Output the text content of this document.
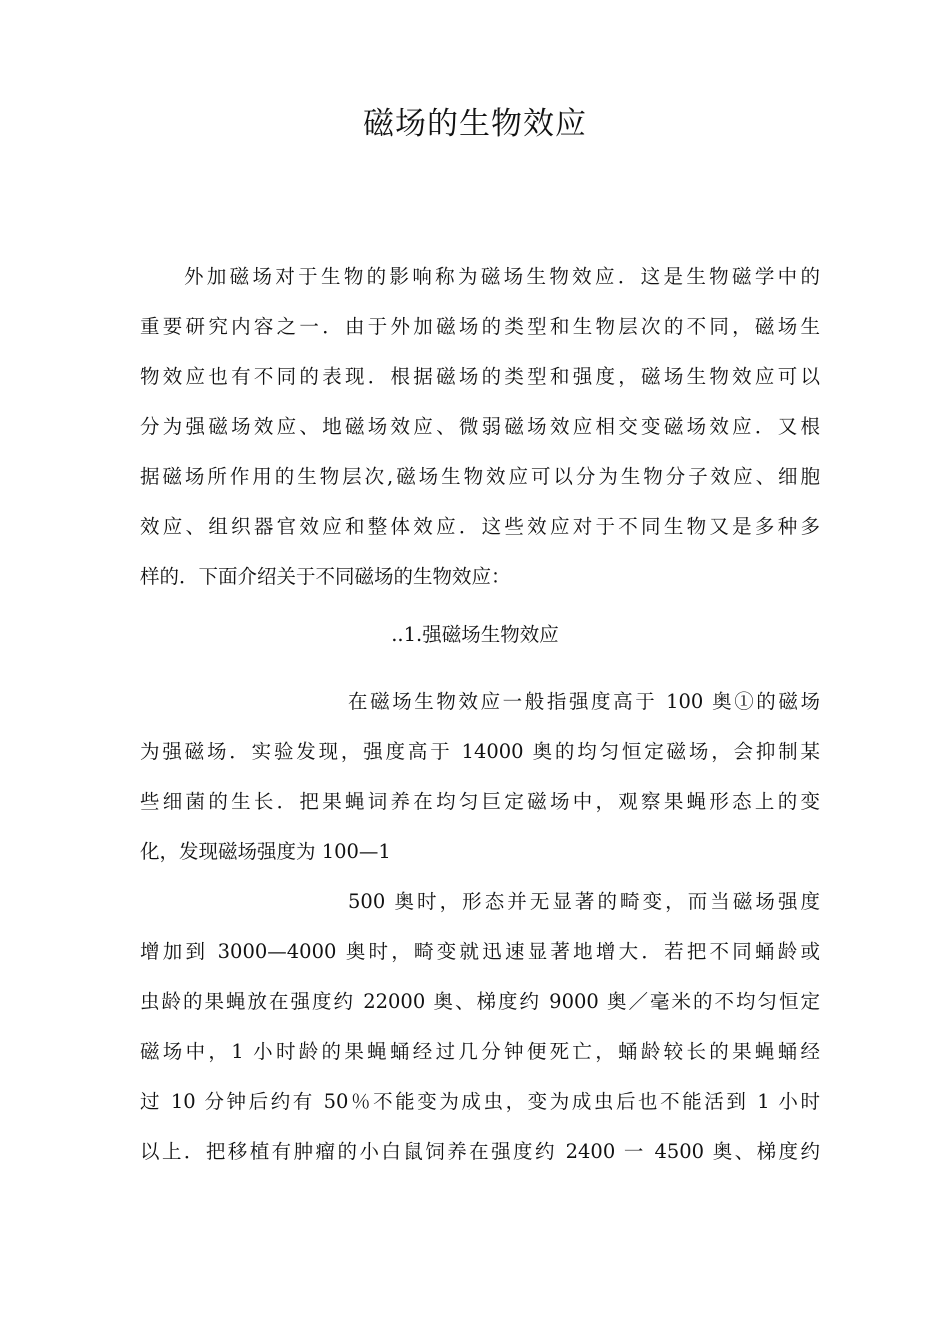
磁场的生物效应
外加磁场对于生物的影响称为磁场生物效应．这是生物磁学中的
重要研究内容之一．由于外加磁场的类型和生物层次的不同，磁场生
物效应也有不同的表现．根据磁场的类型和强度，磁场生物效应可以
分为强磁场效应、地磁场效应、微弱磁场效应相交变磁场效应．又根
据磁场所作用的生物层次,磁场生物效应可以分为生物分子效应、细胞
效应、组织器官效应和整体效应．这些效应对于不同生物又是多种多
样的．下面介绍关于不同磁场的生物效应：
..1.强磁场生物效应
在磁场生物效应一般指强度高于 100 奥①的磁场
为强磁场．实验发现，强度高于 14000 奥的均匀恒定磁场，会抑制某
些细菌的生长．把果蝇词养在均匀巨定磁场中，观察果蝇形态上的变
化，发现磁场强度为 100—1
500 奥时，形态并无显著的畸变，而当磁场强度
增加到 3000—4000 奥时，畸变就迅速显著地增大．若把不同蛹龄或
虫龄的果蝇放在强度约 22000 奥、梯度约 9000 奥／毫米的不均匀恒定
磁场中，1 小时龄的果蝇蛹经过几分钟便死亡，蛹龄较长的果蝇蛹经
过 10 分钟后约有 50％不能变为成虫，变为成虫后也不能活到 1 小时
以上．把移植有肿瘤的小白鼠饲养在强度约 2400 一 4500 奥、梯度约
